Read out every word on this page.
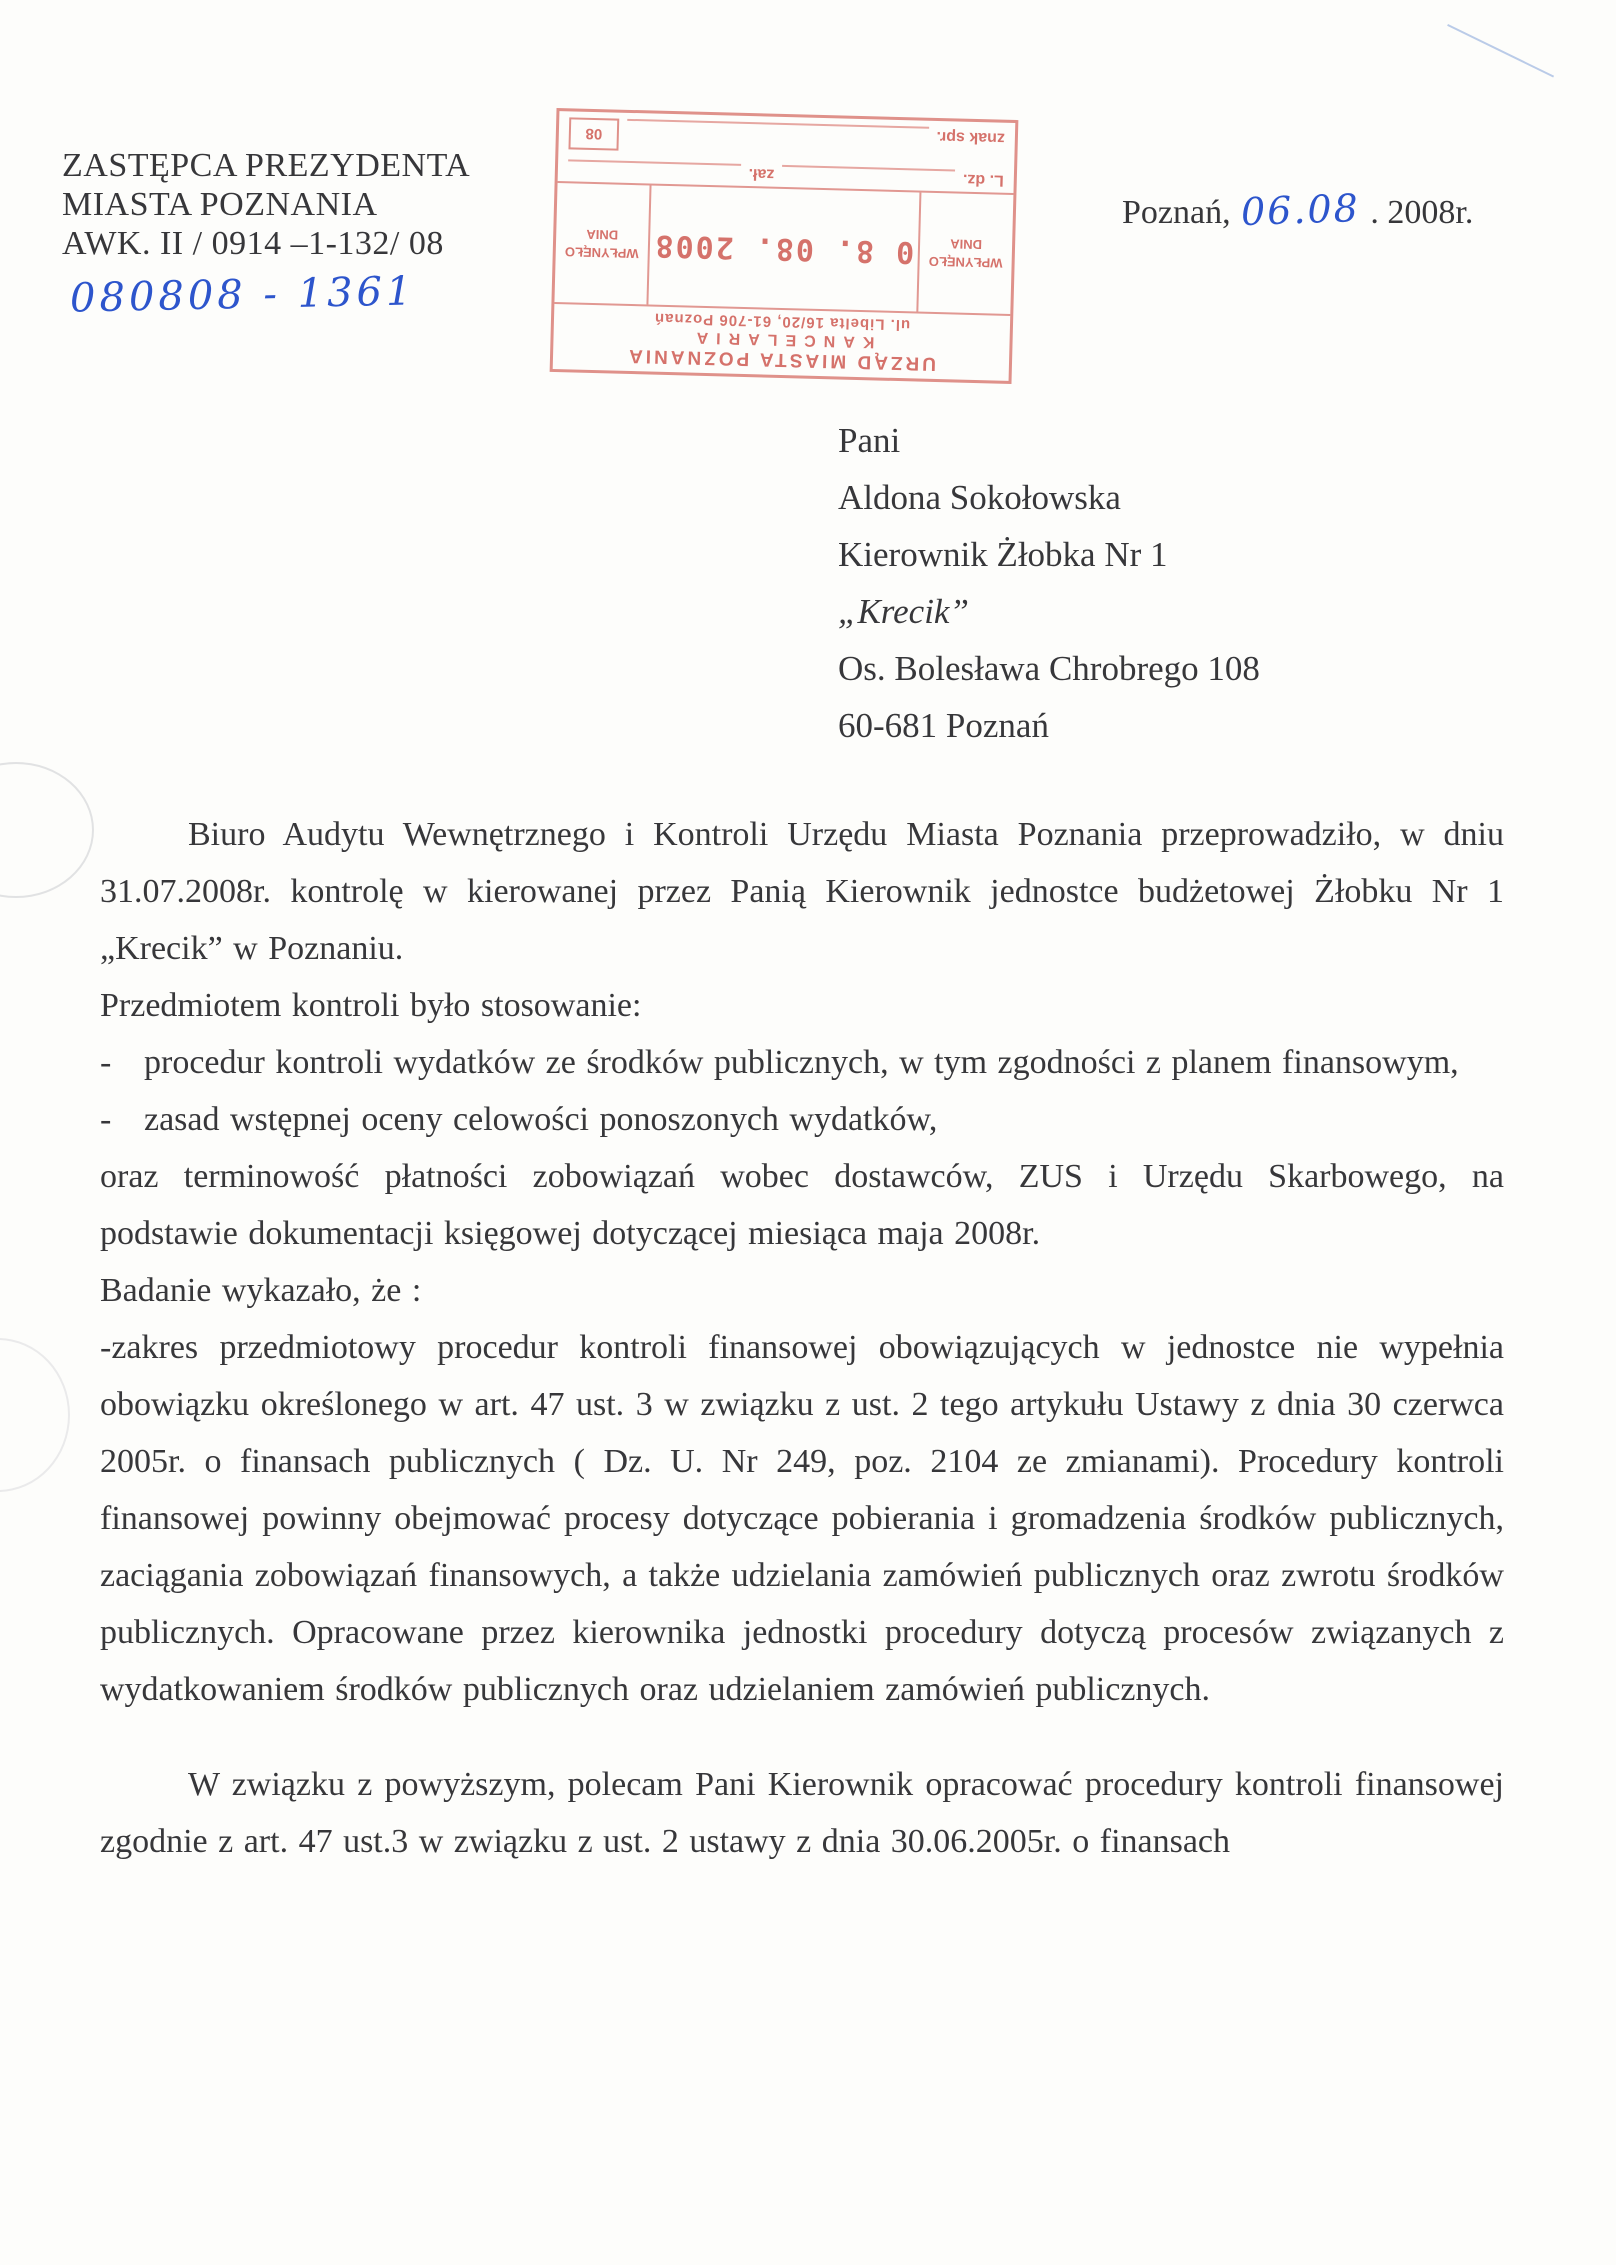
ZASTĘPCA PREZYDENTA
MIASTA POZNANIA
AWK. II / 0914 –1-132/ 08
080808 - 1361
Poznań, 06.08 . 2008r.
URZĄD MIASTA POZNANIA
KANCELARIA
ul. Libelta 16/20, 61-706 Poznań
WPŁYNĘŁO
DNIA
0 8. 08. 2008
WPŁYNĘŁO
DNIA
L. dz.
zał.
znak spr.
08
Pani
Aldona Sokołowska
Kierownik Żłobka Nr 1
„Krecik”
Os. Bolesława Chrobrego 108
60-681 Poznań

Biuro Audytu Wewnętrznego i Kontroli Urzędu Miasta Poznania przeprowadziło, w dniu 31.07.2008r. kontrolę w kierowanej przez Panią Kierownik jednostce budżetowej Żłobku Nr 1 „Krecik” w Poznaniu.

Przedmiotem kontroli było stosowanie:

- procedur kontroli wydatków ze środków publicznych, w tym zgodności z planem finansowym,
- zasad wstępnej oceny celowości ponoszonych wydatków,

oraz terminowość płatności zobowiązań wobec dostawców, ZUS i Urzędu Skarbowego, na podstawie dokumentacji księgowej dotyczącej miesiąca maja 2008r.

Badanie wykazało, że :

-zakres przedmiotowy procedur kontroli finansowej obowiązujących w jednostce nie wypełnia obowiązku określonego w art. 47 ust. 3 w związku z ust. 2 tego artykułu Ustawy z dnia 30 czerwca 2005r. o finansach publicznych ( Dz. U. Nr 249, poz. 2104 ze zmianami). Procedury kontroli finansowej powinny obejmować procesy dotyczące pobierania i gromadzenia środków publicznych, zaciągania zobowiązań finansowych, a także udzielania zamówień publicznych oraz zwrotu środków publicznych. Opracowane przez kierownika jednostki procedury dotyczą procesów związanych z wydatkowaniem środków publicznych oraz udzielaniem zamówień publicznych.

W związku z powyższym, polecam Pani Kierownik opracować procedury kontroli finansowej zgodnie z art. 47 ust.3 w związku z ust. 2 ustawy z dnia 30.06.2005r. o finansach
